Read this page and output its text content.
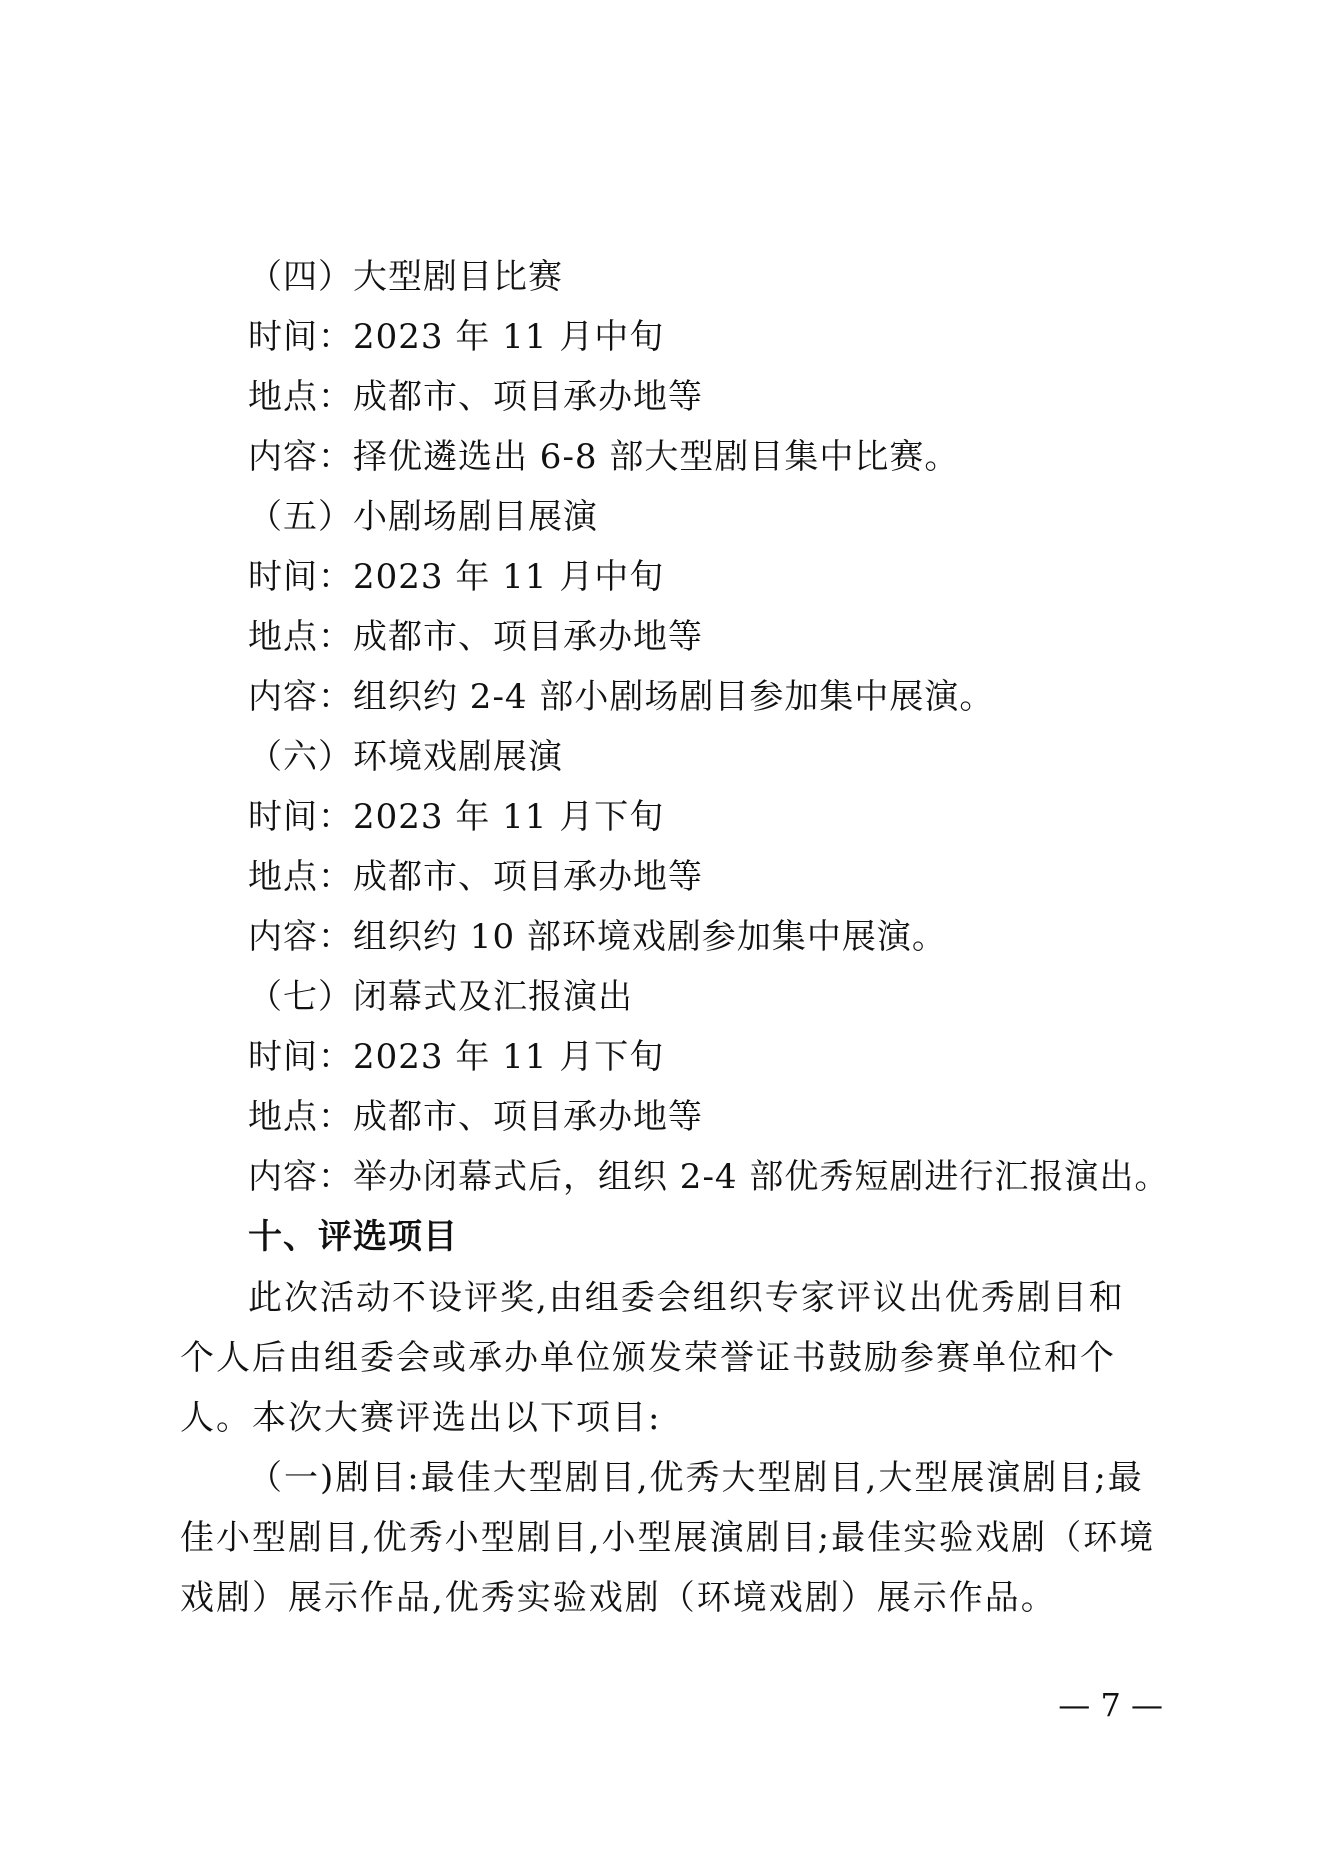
（四）大型剧目比赛
时间：2023 年 11 月中旬
地点：成都市、项目承办地等
内容：择优遴选出 6-8 部大型剧目集中比赛。
（五）小剧场剧目展演
时间：2023 年 11 月中旬
地点：成都市、项目承办地等
内容：组织约 2-4 部小剧场剧目参加集中展演。
（六）环境戏剧展演
时间：2023 年 11 月下旬
地点：成都市、项目承办地等
内容：组织约 10 部环境戏剧参加集中展演。
（七）闭幕式及汇报演出
时间：2023 年 11 月下旬
地点：成都市、项目承办地等
内容：举办闭幕式后，组织 2-4 部优秀短剧进行汇报演出。
十、评选项目
此次活动不设评奖,由组委会组织专家评议出优秀剧目和个人后由组委会或承办单位颁发荣誉证书鼓励参赛单位和个人。本次大赛评选出以下项目:
（一)剧目:最佳大型剧目,优秀大型剧目,大型展演剧目;最佳小型剧目,优秀小型剧目,小型展演剧目;最佳实验戏剧（环境戏剧）展示作品,优秀实验戏剧（环境戏剧）展示作品。
— 7 —
